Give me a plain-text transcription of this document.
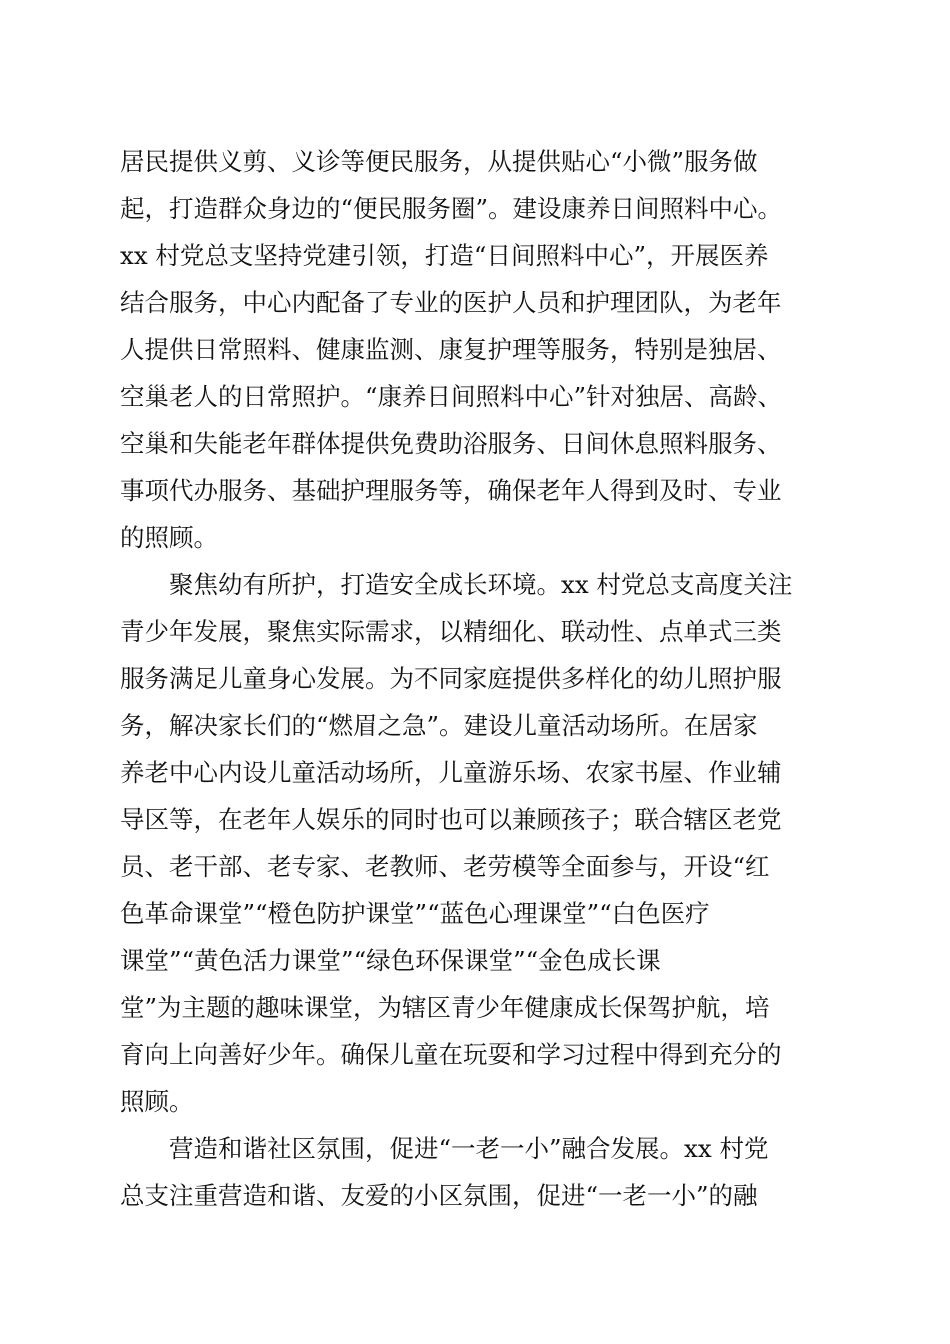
居民提供义剪、义诊等便民服务，从提供贴心“小微”服务做
起，打造群众身边的“便民服务圈”。建设康养日间照料中心。
xx 村党总支坚持党建引领，打造“日间照料中心”，开展医养
结合服务，中心内配备了专业的医护人员和护理团队，为老年
人提供日常照料、健康监测、康复护理等服务，特别是独居、
空巢老人的日常照护。“康养日间照料中心”针对独居、高龄、
空巢和失能老年群体提供免费助浴服务、日间休息照料服务、
事项代办服务、基础护理服务等，确保老年人得到及时、专业
的照顾。
聚焦幼有所护，打造安全成长环境。xx 村党总支高度关注
青少年发展，聚焦实际需求，以精细化、联动性、点单式三类
服务满足儿童身心发展。为不同家庭提供多样化的幼儿照护服
务，解决家长们的“燃眉之急”。建设儿童活动场所。在居家
养老中心内设儿童活动场所，儿童游乐场、农家书屋、作业辅
导区等，在老年人娱乐的同时也可以兼顾孩子；联合辖区老党
员、老干部、老专家、老教师、老劳模等全面参与，开设“红
色革命课堂”“橙色防护课堂”“蓝色心理课堂”“白色医疗
课堂”“黄色活力课堂”“绿色环保课堂”“金色成长课
堂”为主题的趣味课堂，为辖区青少年健康成长保驾护航，培
育向上向善好少年。确保儿童在玩耍和学习过程中得到充分的
照顾。
营造和谐社区氛围，促进“一老一小”融合发展。xx 村党
总支注重营造和谐、友爱的小区氛围，促进“一老一小”的融
